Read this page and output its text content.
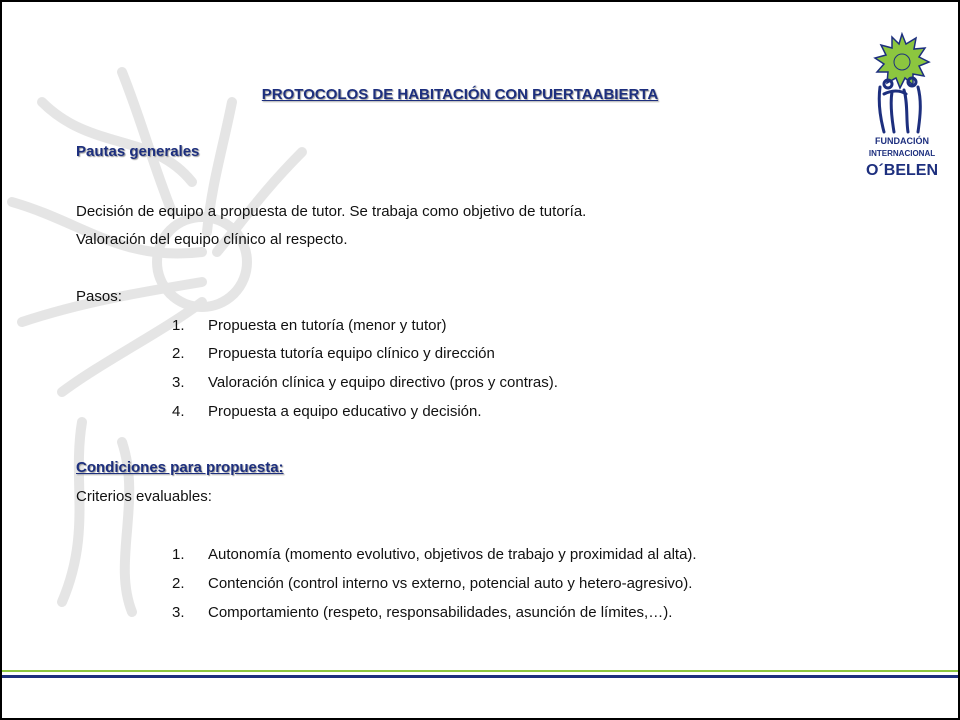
FUNDACIÓN
INTERNACIONAL
O´BELEN
PROTOCOLOS DE HABITACIÓN CON PUERTAABIERTA
Pautas generales
Decisión de equipo a propuesta de tutor. Se trabaja como objetivo de tutoría.
Valoración del equipo clínico al respecto.
Pasos:
1. Propuesta en tutoría (menor y tutor)
2. Propuesta tutoría equipo clínico y dirección
3. Valoración clínica y equipo directivo (pros y contras).
4. Propuesta a equipo educativo y decisión.
Condiciones para propuesta:
Criterios evaluables:
1. Autonomía (momento evolutivo, objetivos de trabajo y proximidad al alta).
2. Contención (control interno vs externo, potencial auto y hetero-agresivo).
3. Comportamiento (respeto, responsabilidades, asunción de límites,…).
